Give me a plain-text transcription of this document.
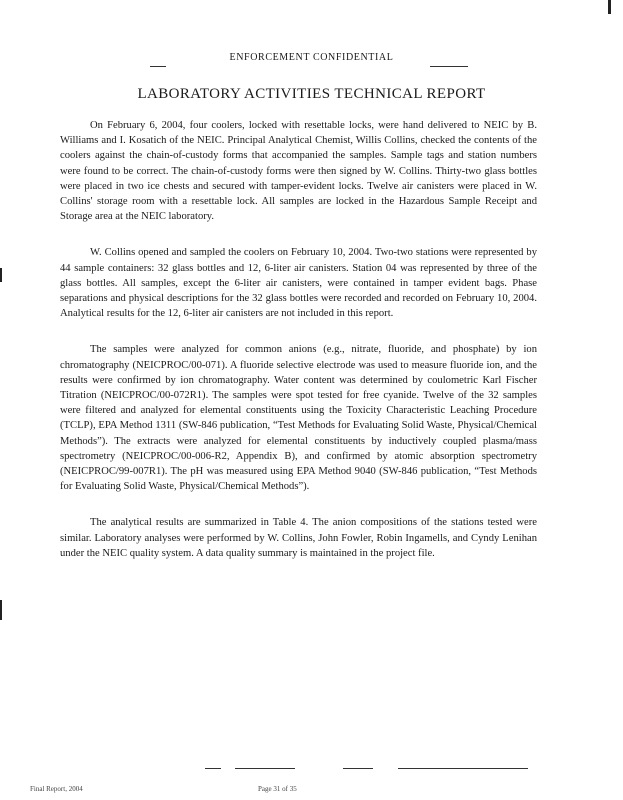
ENFORCEMENT CONFIDENTIAL
LABORATORY ACTIVITIES TECHNICAL REPORT

On February 6, 2004, four coolers, locked with resettable locks, were hand delivered to NEIC by B. Williams and I. Kosatich of the NEIC. Principal Analytical Chemist, Willis Collins, checked the contents of the coolers against the chain-of-custody forms that accompanied the samples. Sample tags and station numbers were found to be correct. The chain-of-custody forms were then signed by W. Collins. Thirty-two glass bottles were placed in two ice chests and secured with tamper-evident locks. Twelve air canisters were placed in W. Collins' storage room with a resettable lock. All samples are locked in the Hazardous Sample Receipt and Storage area at the NEIC laboratory.

W. Collins opened and sampled the coolers on February 10, 2004. Two-two stations were represented by 44 sample containers: 32 glass bottles and 12, 6-liter air canisters. Station 04 was represented by three of the glass bottles. All samples, except the 6-liter air canisters, were contained in tamper evident bags. Phase separations and physical descriptions for the 32 glass bottles were recorded and recorded on February 10, 2004. Analytical results for the 12, 6-liter air canisters are not included in this report.

The samples were analyzed for common anions (e.g., nitrate, fluoride, and phosphate) by ion chromatography (NEICPROC/00-071). A fluoride selective electrode was used to measure fluoride ion, and the results were confirmed by ion chromatography. Water content was determined by coulometric Karl Fischer Titration (NEICPROC/00-072R1). The samples were spot tested for free cyanide. Twelve of the 32 samples were filtered and analyzed for elemental constituents using the Toxicity Characteristic Leaching Procedure (TCLP), EPA Method 1311 (SW-846 publication, “Test Methods for Evaluating Solid Waste, Physical/Chemical Methods”). The extracts were analyzed for elemental constituents by inductively coupled plasma/mass spectrometry (NEICPROC/00-006-R2, Appendix B), and confirmed by atomic absorption spectrometry (NEICPROC/99-007R1). The pH was measured using EPA Method 9040 (SW-846 publication, “Test Methods for Evaluating Solid Waste, Physical/Chemical Methods”).

The analytical results are summarized in Table 4. The anion compositions of the stations tested were similar. Laboratory analyses were performed by W. Collins, John Fowler, Robin Ingamells, and Cyndy Lenihan under the NEIC quality system. A data quality summary is maintained in the project file.

Final Report, 2004	Page 31 of 35
